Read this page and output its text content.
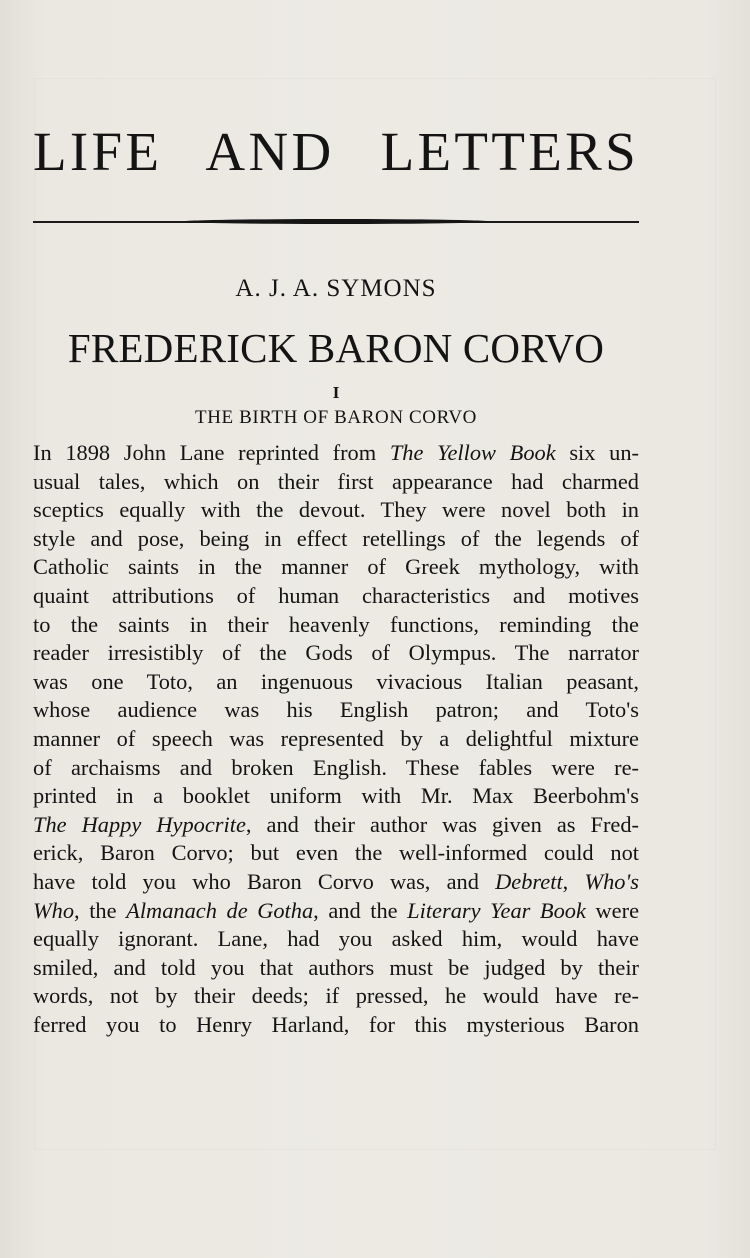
LIFE AND LETTERS
A. J. A. SYMONS
FREDERICK BARON CORVO
I
THE BIRTH OF BARON CORVO
In 1898 John Lane reprinted from The Yellow Book six un-
usual tales, which on their first appearance had charmed
sceptics equally with the devout. They were novel both in
style and pose, being in effect retellings of the legends of
Catholic saints in the manner of Greek mythology, with
quaint attributions of human characteristics and motives
to the saints in their heavenly functions, reminding the
reader irresistibly of the Gods of Olympus. The narrator
was one Toto, an ingenuous vivacious Italian peasant,
whose audience was his English patron; and Toto's
manner of speech was represented by a delightful mixture
of archaisms and broken English. These fables were re-
printed in a booklet uniform with Mr. Max Beerbohm's
The Happy Hypocrite, and their author was given as Fred-
erick, Baron Corvo; but even the well-informed could not
have told you who Baron Corvo was, and Debrett, Who's
Who, the Almanach de Gotha, and the Literary Year Book were
equally ignorant. Lane, had you asked him, would have
smiled, and told you that authors must be judged by their
words, not by their deeds; if pressed, he would have re-
ferred you to Henry Harland, for this mysterious Baron
